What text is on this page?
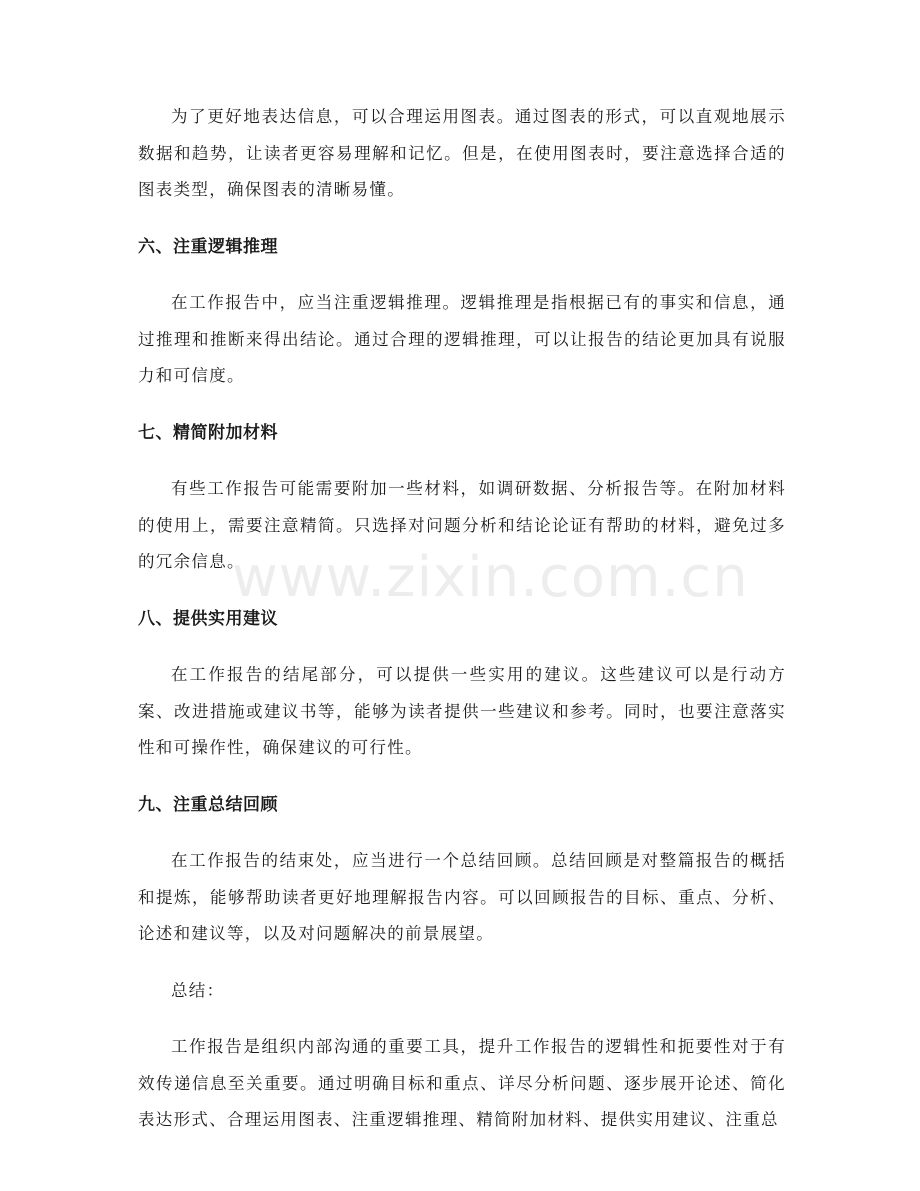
为了更好地表达信息，可以合理运用图表。通过图表的形式，可以直观地展示数据和趋势，让读者更容易理解和记忆。但是，在使用图表时，要注意选择合适的图表类型，确保图表的清晰易懂。

六、注重逻辑推理

在工作报告中，应当注重逻辑推理。逻辑推理是指根据已有的事实和信息，通过推理和推断来得出结论。通过合理的逻辑推理，可以让报告的结论更加具有说服力和可信度。

七、精简附加材料

有些工作报告可能需要附加一些材料，如调研数据、分析报告等。在附加材料的使用上，需要注意精简。只选择对问题分析和结论论证有帮助的材料，避免过多的冗余信息。

八、提供实用建议

在工作报告的结尾部分，可以提供一些实用的建议。这些建议可以是行动方案、改进措施或建议书等，能够为读者提供一些建议和参考。同时，也要注意落实性和可操作性，确保建议的可行性。

九、注重总结回顾

在工作报告的结束处，应当进行一个总结回顾。总结回顾是对整篇报告的概括和提炼，能够帮助读者更好地理解报告内容。可以回顾报告的目标、重点、分析、论述和建议等，以及对问题解决的前景展望。

总结：

工作报告是组织内部沟通的重要工具，提升工作报告的逻辑性和扼要性对于有效传递信息至关重要。通过明确目标和重点、详尽分析问题、逐步展开论述、简化表达形式、合理运用图表、注重逻辑推理、精简附加材料、提供实用建议、注重总

www.zixin.com.cn
